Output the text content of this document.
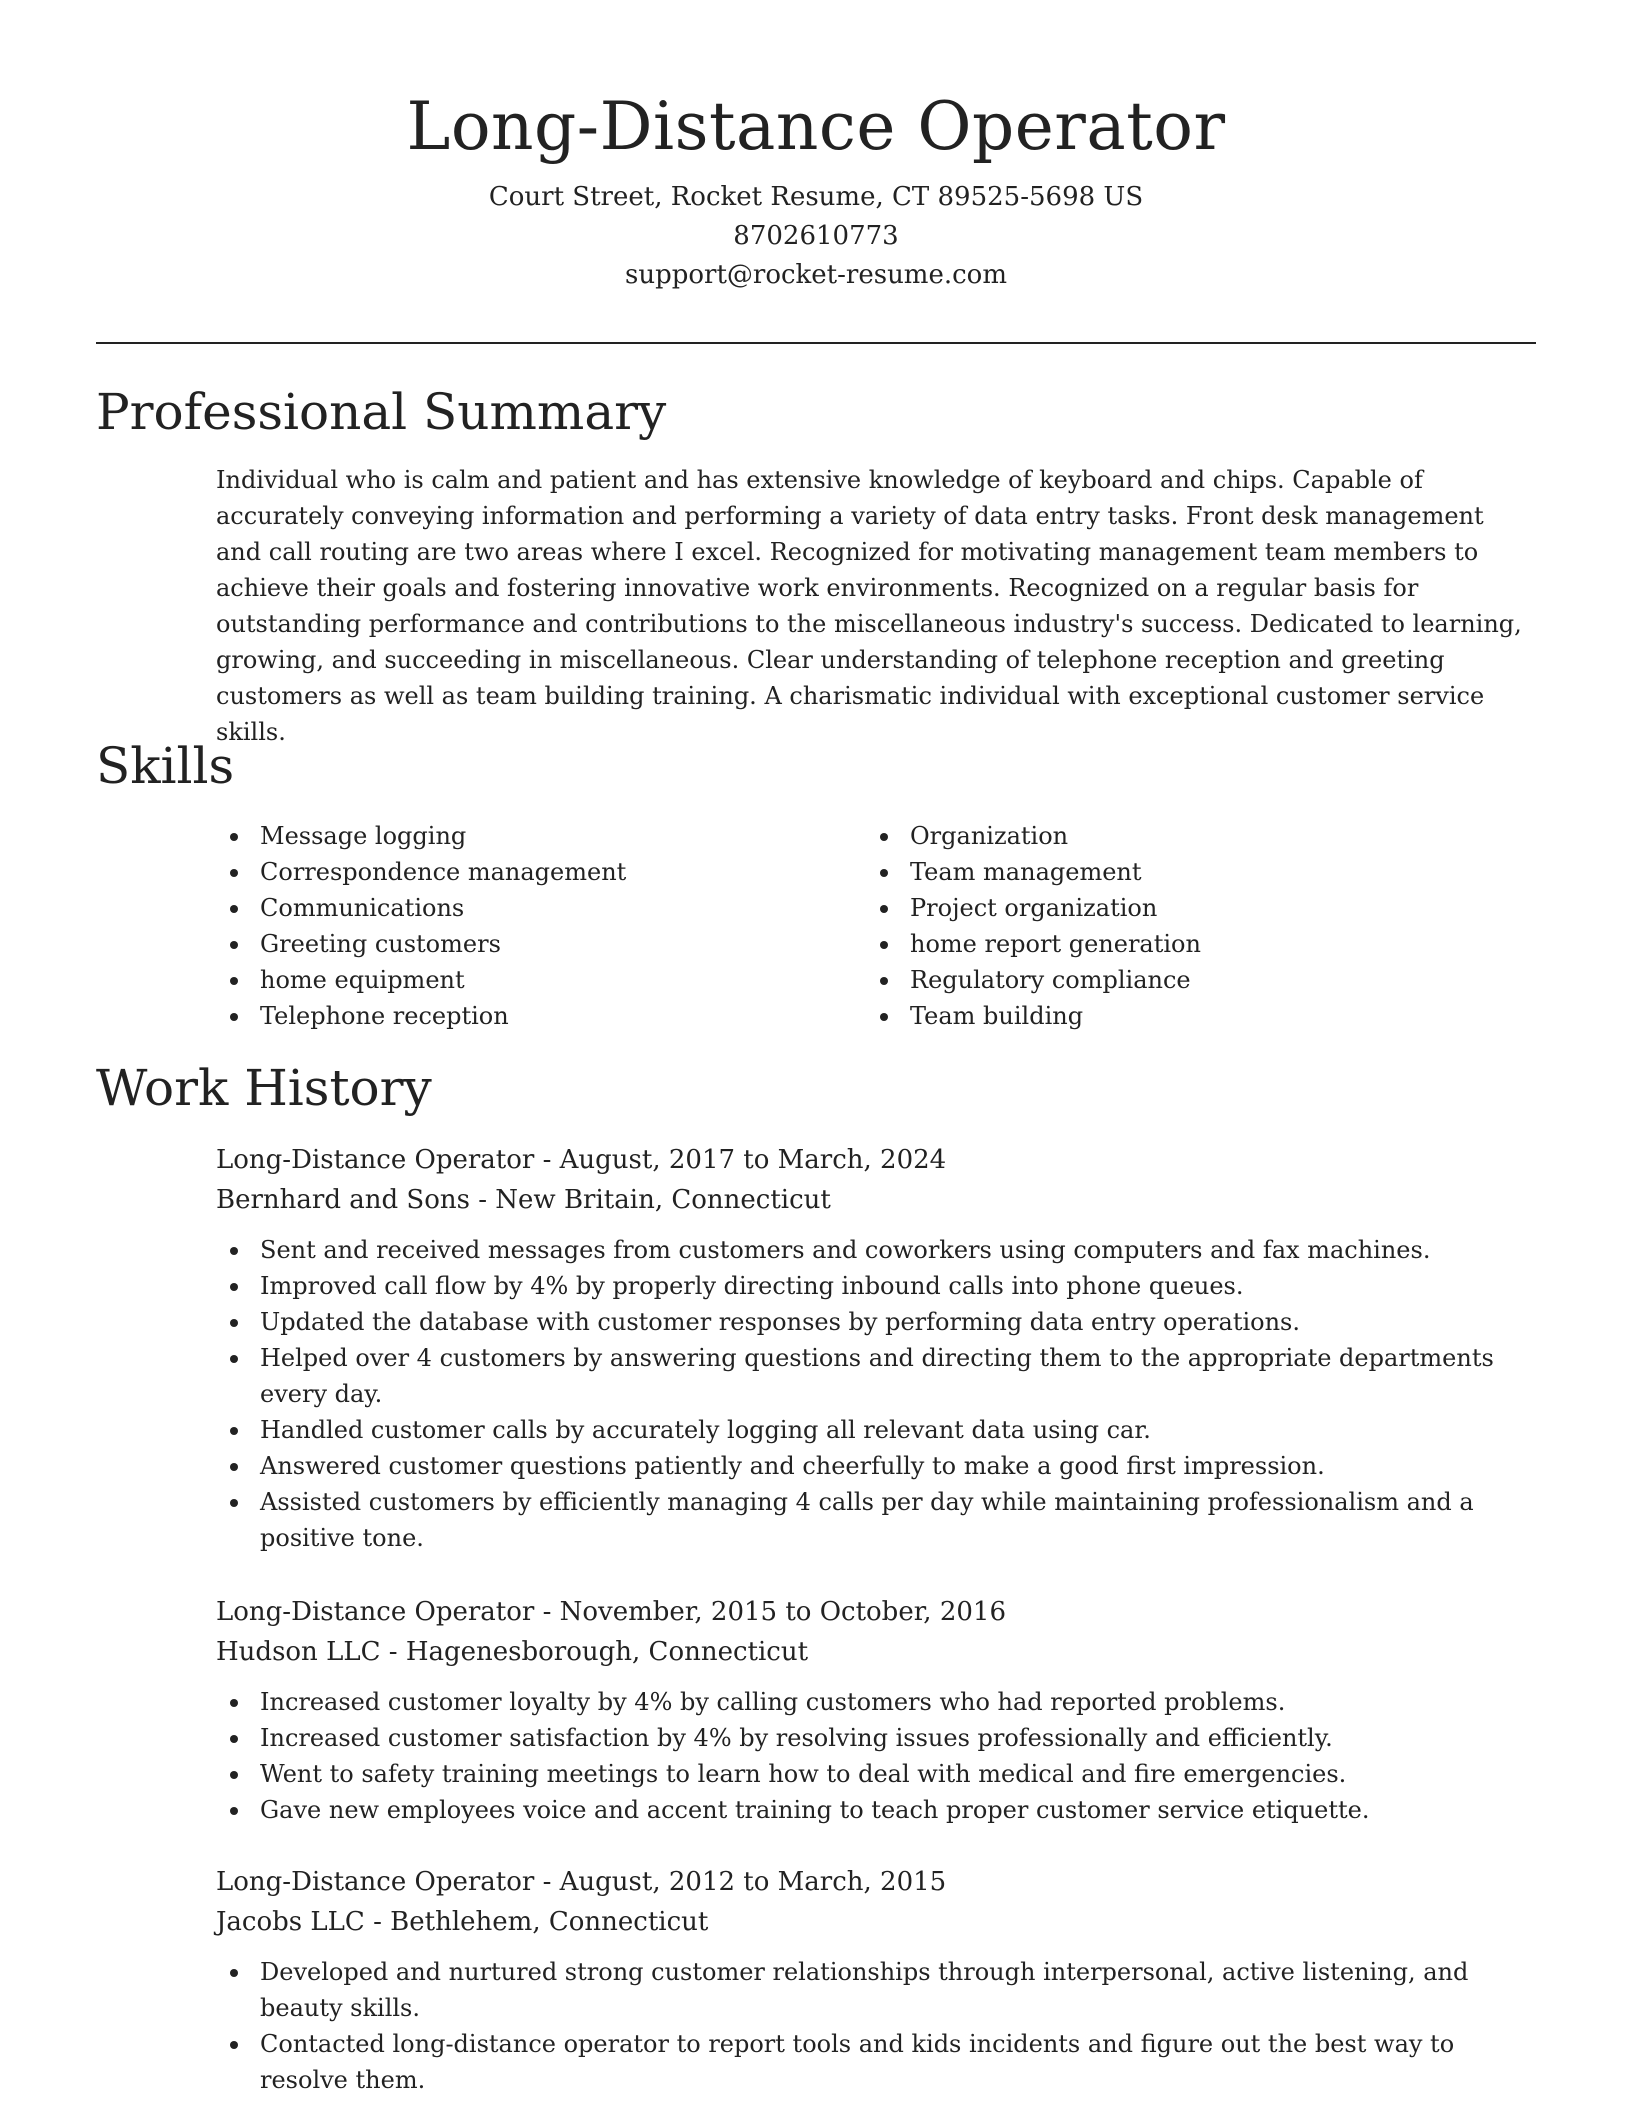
Long-Distance Operator
Court Street, Rocket Resume, CT 89525-5698 US
8702610773
support@rocket-resume.com
Professional Summary

Individual who is calm and patient and has extensive knowledge of keyboard and chips. Capable of accurately conveying information and performing a variety of data entry tasks. Front desk management and call routing are two areas where I excel. Recognized for motivating management team members to achieve their goals and fostering innovative work environments. Recognized on a regular basis for outstanding performance and contributions to the miscellaneous industry's success. Dedicated to learning, growing, and succeeding in miscellaneous. Clear understanding of telephone reception and greeting customers as well as team building training. A charismatic individual with exceptional customer service skills.

Skills
Message logging
Correspondence management
Communications
Greeting customers
home equipment
Telephone reception
Organization
Team management
Project organization
home report generation
Regulatory compliance
Team building
Work History
Long-Distance Operator - August, 2017 to March, 2024
Bernhard and Sons - New Britain, Connecticut
Sent and received messages from customers and coworkers using computers and fax machines.
Improved call flow by 4% by properly directing inbound calls into phone queues.
Updated the database with customer responses by performing data entry operations.
Helped over 4 customers by answering questions and directing them to the appropriate departments every day.
Handled customer calls by accurately logging all relevant data using car.
Answered customer questions patiently and cheerfully to make a good first impression.
Assisted customers by efficiently managing 4 calls per day while maintaining professionalism and a positive tone.
Long-Distance Operator - November, 2015 to October, 2016
Hudson LLC - Hagenesborough, Connecticut
Increased customer loyalty by 4% by calling customers who had reported problems.
Increased customer satisfaction by 4% by resolving issues professionally and efficiently.
Went to safety training meetings to learn how to deal with medical and fire emergencies.
Gave new employees voice and accent training to teach proper customer service etiquette.
Long-Distance Operator - August, 2012 to March, 2015
Jacobs LLC - Bethlehem, Connecticut
Developed and nurtured strong customer relationships through interpersonal, active listening, and beauty skills.
Contacted long-distance operator to report tools and kids incidents and figure out the best way to resolve them.
